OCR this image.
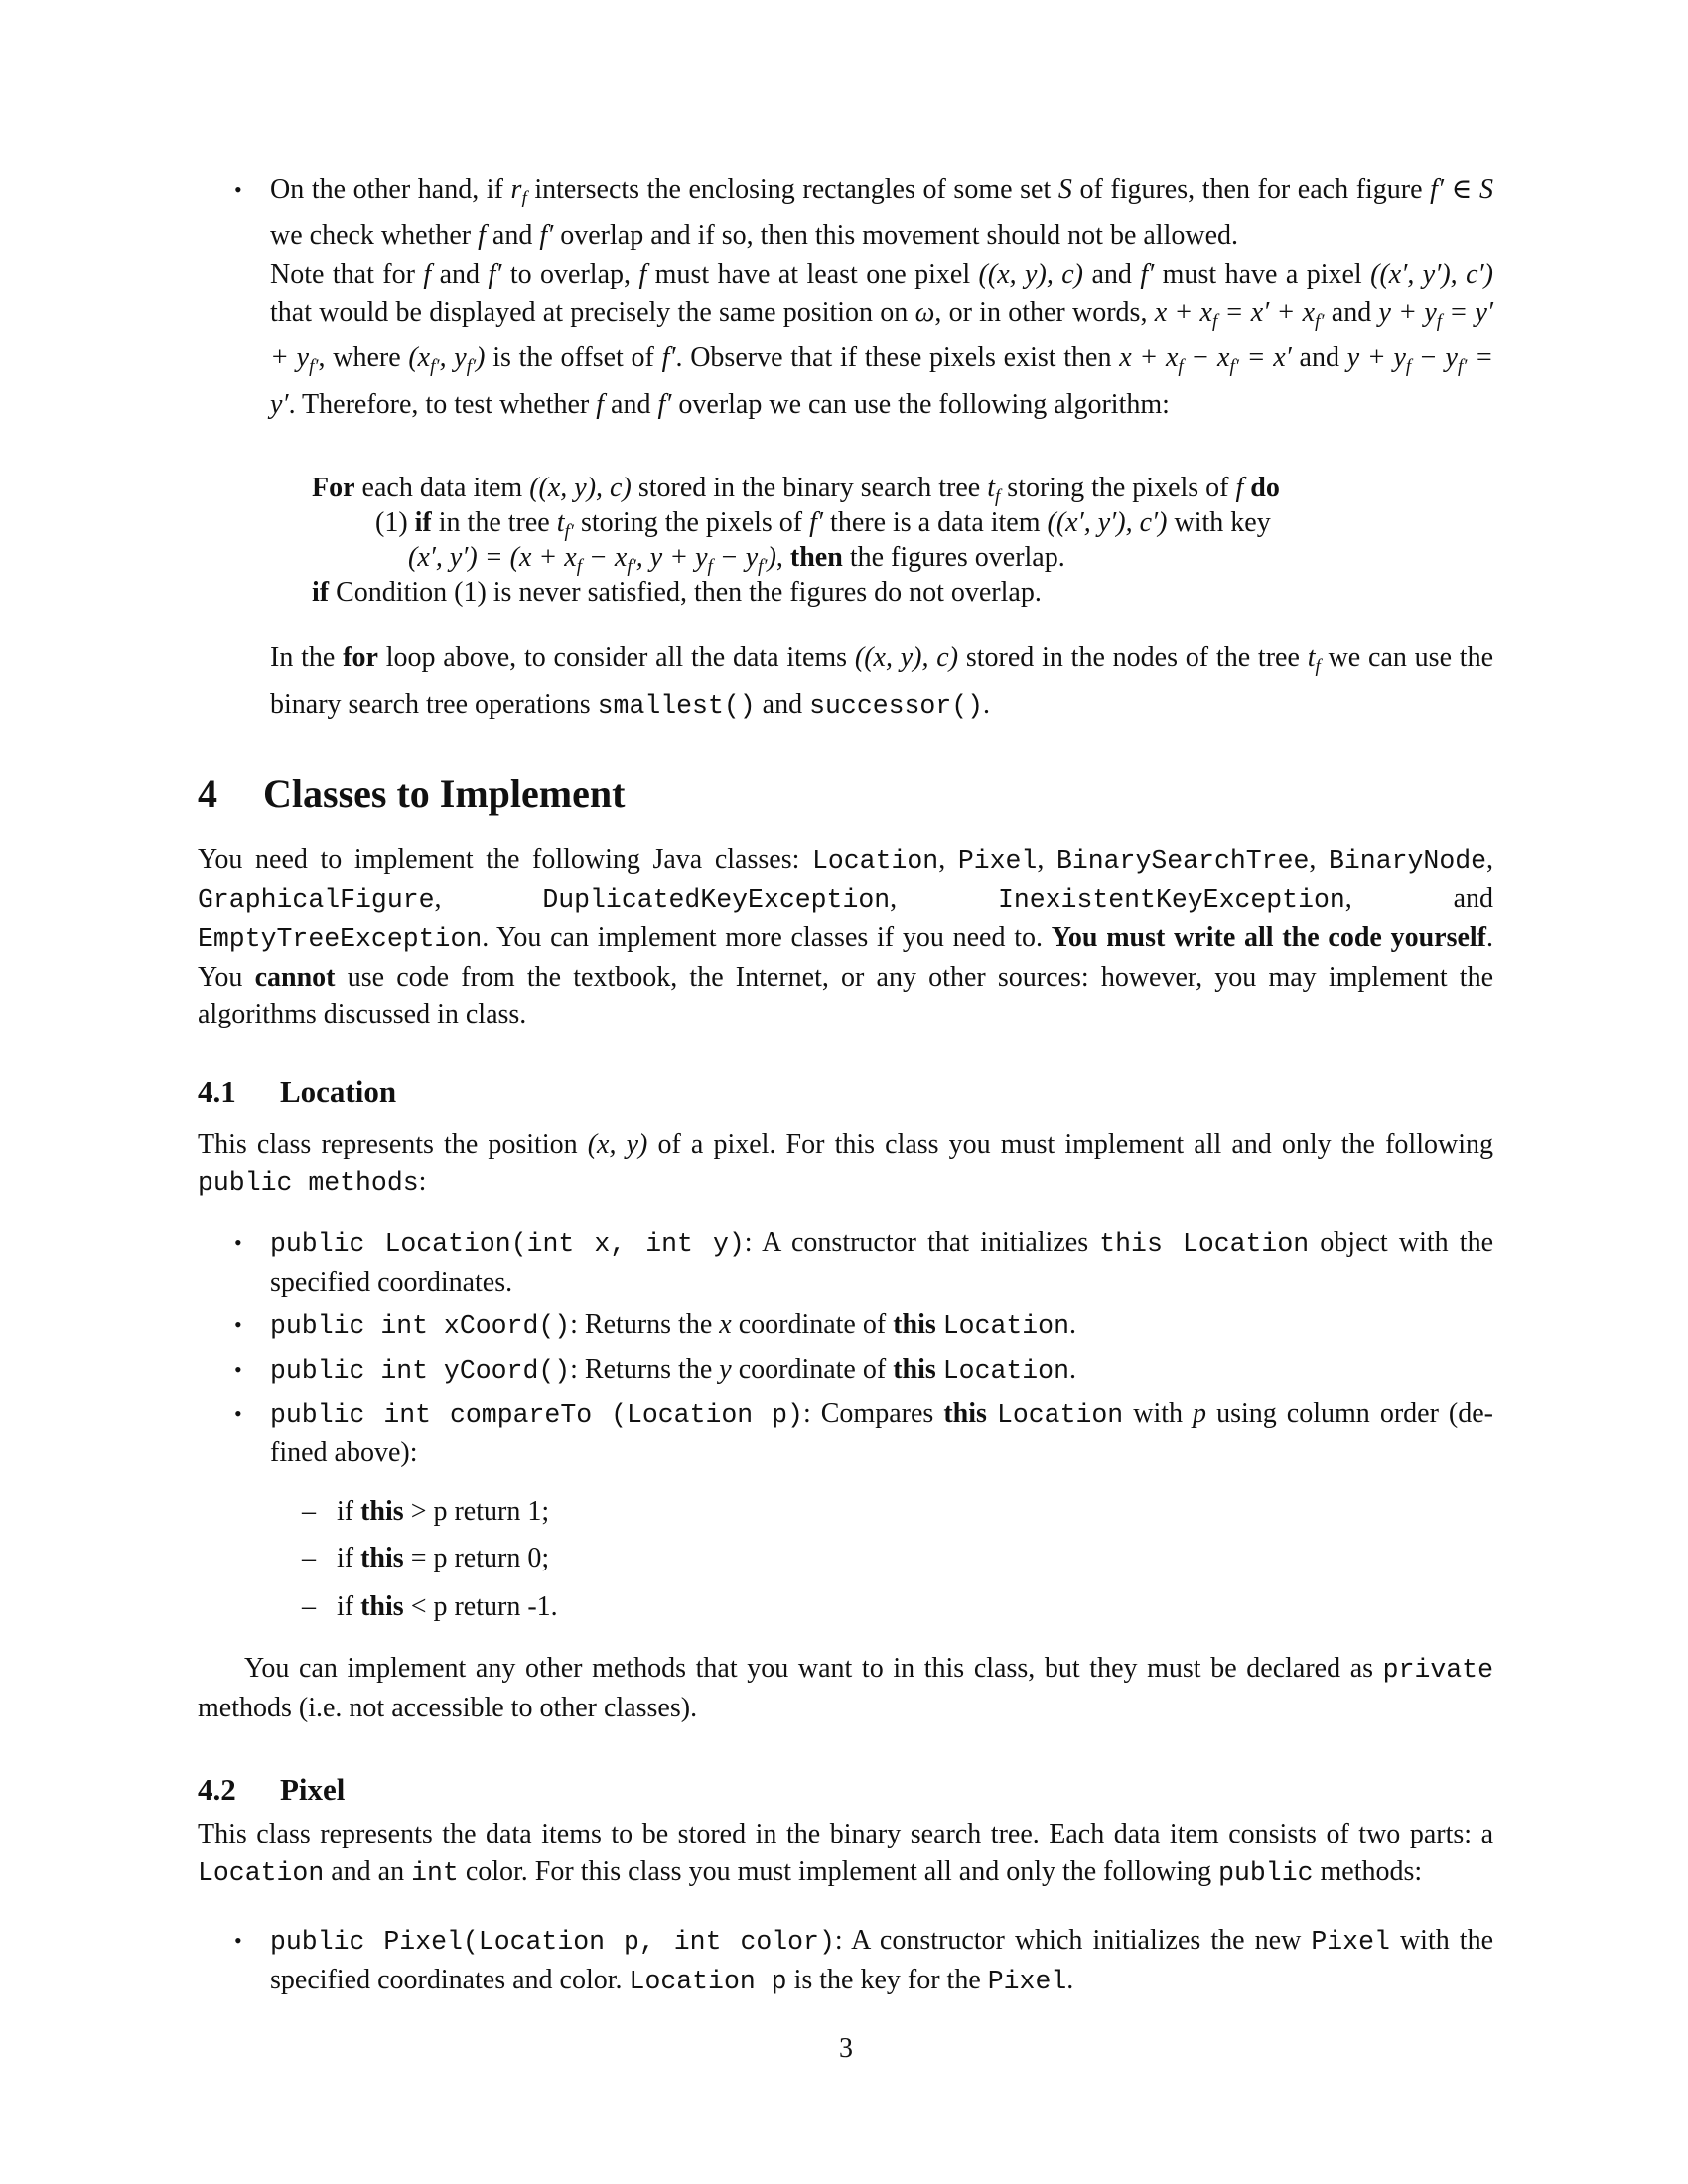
• On the other hand, if $r_f$ intersects the enclosing rectangles of some set S of figures, then for each figure f′ ∈ S we check whether f and f′ overlap and if so, then this movement should not be allowed.
Note that for f and f′ to overlap, f must have at least one pixel ((x, y), c) and f′ must have a pixel ((x′, y′), c′) that would be displayed at precisely the same position on ω, or in other words, $x + x_f = x' + x_{f'}$ and $y + y_f = y' + y_{f'}$, where ($x_{f'}$, $y_{f'}$) is the offset of f′. Observe that if these pixels exist then $x + x_f - x_{f'} = x'$ and $y + y_f - y_{f'} = y'$. Therefore, to test whether f and f′ overlap we can use the following algorithm:
For each data item ((x, y), c) stored in the binary search tree $t_f$ storing the pixels of f do
(1) if in the tree $t_{f'}$ storing the pixels of f′ there is a data item ((x′, y′), c′) with key
(x′, $y') = (x + x_f - x_{f'}$, $y + y_f - y_{f'}$), then the figures overlap.
if Condition (1) is never satisfied, then the figures do not overlap.
In the for loop above, to consider all the data items ((x, y), c) stored in the nodes of the tree $t_f$ we can use the binary search tree operations smallest() and successor().
4 Classes to Implement
You need to implement the following Java classes: Location, Pixel, BinarySearchTree, BinaryNode, GraphicalFigure, DuplicatedKeyException, InexistentKeyException, and EmptyTreeException. You can implement more classes if you need to. You must write all the code yourself. You cannot use code from the textbook, the Internet, or any other sources: however, you may implement the algorithms discussed in class.
4.1 Location
This class represents the position (x, y) of a pixel. For this class you must implement all and only the following public methods:
• public Location(int x, int y): A constructor that initializes this Location object with the specified coordinates.
• public int xCoord(): Returns the x coordinate of this Location.
• public int yCoord(): Returns the y coordinate of this Location.
• public int compareTo (Location p): Compares this Location with p using column order (de-fined above):
– if this > p return 1;
– if this = p return 0;
– if this < p return -1.
You can implement any other methods that you want to in this class, but they must be declared as private methods (i.e. not accessible to other classes).
4.2 Pixel
This class represents the data items to be stored in the binary search tree. Each data item consists of two parts: a Location and an int color. For this class you must implement all and only the following public methods:
• public Pixel(Location p, int color): A constructor which initializes the new Pixel with the specified coordinates and color. Location p is the key for the Pixel.
3
